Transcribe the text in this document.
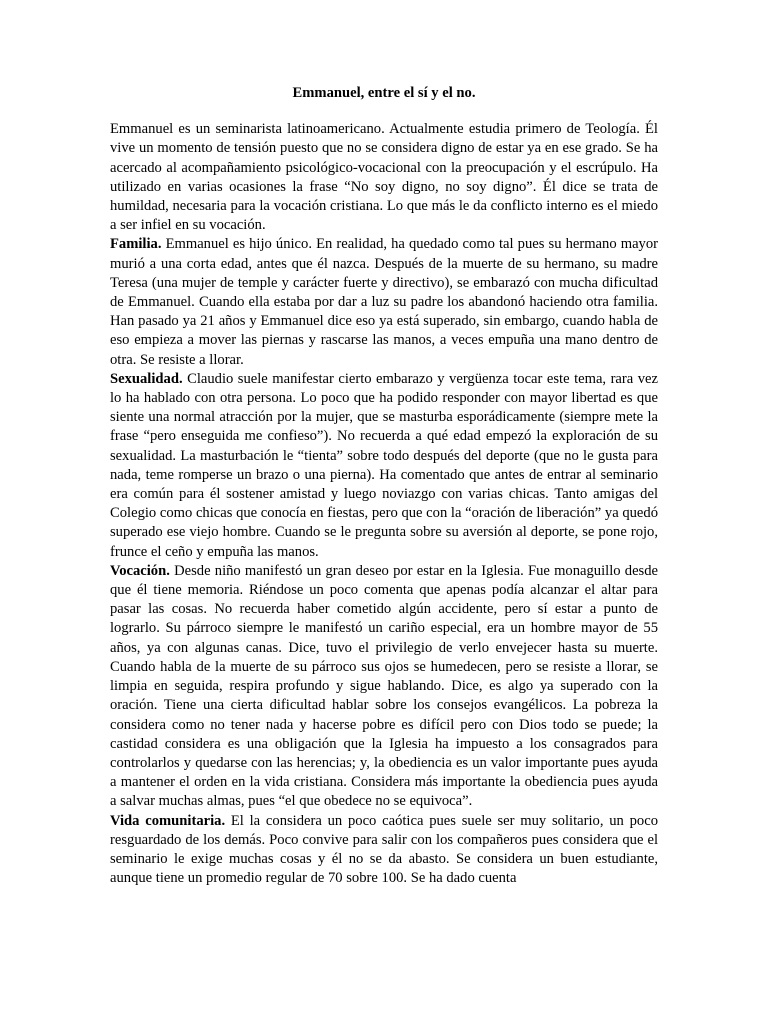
Emmanuel, entre el sí y el no.

Emmanuel es un seminarista latinoamericano. Actualmente estudia primero de Teología. Él vive un momento de tensión puesto que no se considera digno de estar ya en ese grado. Se ha acercado al acompañamiento psicológico-vocacional con la preocupación y el escrúpulo. Ha utilizado en varias ocasiones la frase “No soy digno, no soy digno”. Él dice se trata de humildad, necesaria para la vocación cristiana. Lo que más le da conflicto interno es el miedo a ser infiel en su vocación.

Familia. Emmanuel es hijo único. En realidad, ha quedado como tal pues su hermano mayor murió a una corta edad, antes que él nazca. Después de la muerte de su hermano, su madre Teresa (una mujer de temple y carácter fuerte y directivo), se embarazó con mucha dificultad de Emmanuel. Cuando ella estaba por dar a luz su padre los abandonó haciendo otra familia. Han pasado ya 21 años y Emmanuel dice eso ya está superado, sin embargo, cuando habla de eso empieza a mover las piernas y rascarse las manos, a veces empuña una mano dentro de otra. Se resiste a llorar.

Sexualidad. Claudio suele manifestar cierto embarazo y vergüenza tocar este tema, rara vez lo ha hablado con otra persona. Lo poco que ha podido responder con mayor libertad es que siente una normal atracción por la mujer, que se masturba esporádicamente (siempre mete la frase “pero enseguida me confieso”). No recuerda a qué edad empezó la exploración de su sexualidad. La masturbación le “tienta” sobre todo después del deporte (que no le gusta para nada, teme romperse un brazo o una pierna). Ha comentado que antes de entrar al seminario era común para él sostener amistad y luego noviazgo con varias chicas. Tanto amigas del Colegio como chicas que conocía en fiestas, pero que con la “oración de liberación” ya quedó superado ese viejo hombre. Cuando se le pregunta sobre su aversión al deporte, se pone rojo, frunce el ceño y empuña las manos.

Vocación. Desde niño manifestó un gran deseo por estar en la Iglesia. Fue monaguillo desde que él tiene memoria. Riéndose un poco comenta que apenas podía alcanzar el altar para pasar las cosas. No recuerda haber cometido algún accidente, pero sí estar a punto de lograrlo. Su párroco siempre le manifestó un cariño especial, era un hombre mayor de 55 años, ya con algunas canas. Dice, tuvo el privilegio de verlo envejecer hasta su muerte. Cuando habla de la muerte de su párroco sus ojos se humedecen, pero se resiste a llorar, se limpia en seguida, respira profundo y sigue hablando. Dice, es algo ya superado con la oración. Tiene una cierta dificultad hablar sobre los consejos evangélicos. La pobreza la considera como no tener nada y hacerse pobre es difícil pero con Dios todo se puede; la castidad considera es una obligación que la Iglesia ha impuesto a los consagrados para controlarlos y quedarse con las herencias; y, la obediencia es un valor importante pues ayuda a mantener el orden en la vida cristiana. Considera más importante la obediencia pues ayuda a salvar muchas almas, pues “el que obedece no se equivoca”.

Vida comunitaria. El la considera un poco caótica pues suele ser muy solitario, un poco resguardado de los demás. Poco convive para salir con los compañeros pues considera que el seminario le exige muchas cosas y él no se da abasto. Se considera un buen estudiante, aunque tiene un promedio regular de 70 sobre 100. Se ha dado cuenta
